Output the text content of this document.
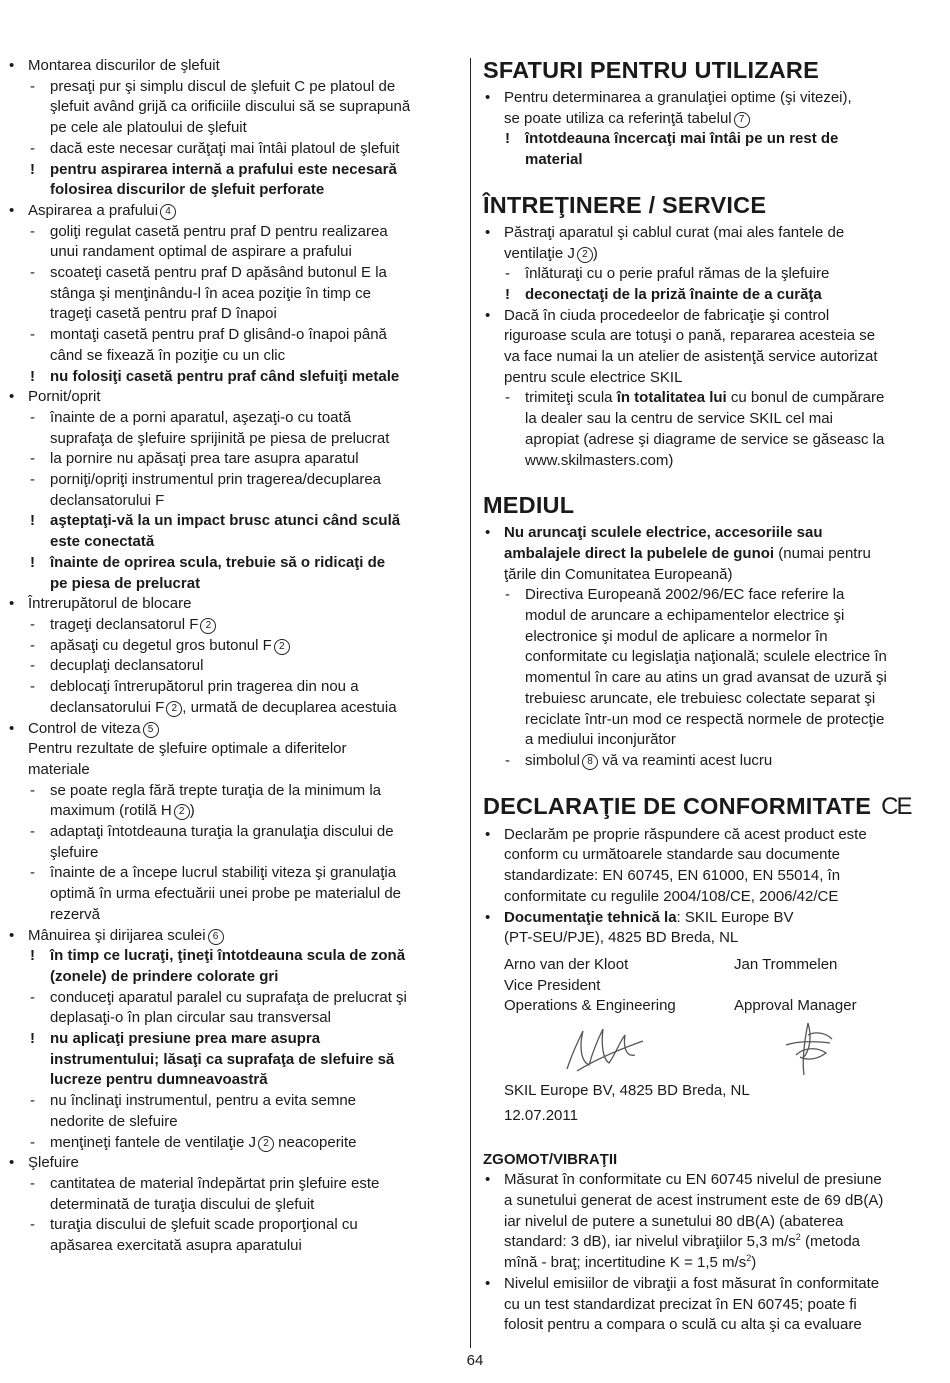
• Montarea discurilor de şlefuit
- presaţi pur şi simplu discul de şlefuit C pe platoul de
şlefuit având grijă ca orificiile discului să se suprapună
pe cele ale platoului de şlefuit
- dacă este necesar curăţaţi mai întâi platoul de şlefuit
! pentru aspirarea internă a prafului este necesară
folosirea discurilor de şlefuit perforate
• Aspirarea a prafului 4
- goliţi regulat casetă pentru praf D pentru realizarea
unui randament optimal de aspirare a prafului
- scoateţi casetă pentru praf D apăsând butonul E la
stânga şi menţinându-l în acea poziţie în timp ce
trageţi casetă pentru praf D înapoi
- montaţi casetă pentru praf D glisând-o înapoi până
când se fixează în poziţie cu un clic
! nu folosiţi casetă pentru praf când slefuiţi metale
• Pornit/oprit
- înainte de a porni aparatul, aşezaţi-o cu toată
suprafaţa de şlefuire sprijinită pe piesa de prelucrat
- la pornire nu apăsaţi prea tare asupra aparatul
- porniţi/opriţi instrumentul prin tragerea/decuplarea
declansatorului F
! aşteptaţi-vă la un impact brusc atunci când sculă
este conectată
! înainte de oprirea scula, trebuie să o ridicaţi de
pe piesa de prelucrat
• Întrerupătorul de blocare
- trageţi declansatorul F 2
- apăsaţi cu degetul gros butonul F 2
- decuplaţi declansatorul
- deblocaţi întrerupătorul prin tragerea din nou a
declansatorului F 2 , urmată de decuplarea acestuia
• Control de viteza 5
Pentru rezultate de şlefuire optimale a diferitelor
materiale
- se poate regla fără trepte turaţia de la minimum la
maximum (rotilă H 2 )
- adaptaţi întotdeauna turaţia la granulaţia discului de
şlefuire
- înainte de a începe lucrul stabiliţi viteza şi granulaţia
optimă în urma efectuării unei probe pe materialul de
rezervă
• Mânuirea şi dirijarea sculei 6
! în timp ce lucraţi, ţineţi întotdeauna scula de zonă
(zonele) de prindere colorate gri
- conduceţi aparatul paralel cu suprafaţa de prelucrat şi
deplasaţi-o în plan circular sau transversal
! nu aplicaţi presiune prea mare asupra
instrumentului; lăsaţi ca suprafaţa de slefuire să
lucreze pentru dumneavoastră
- nu înclinaţi instrumentul, pentru a evita semne
nedorite de slefuire
- menţineţi fantele de ventilaţie J 2 neacoperite
• Şlefuire
- cantitatea de material îndepărtat prin şlefuire este
determinată de turaţia discului de şlefuit
- turaţia discului de şlefuit scade proporţional cu
apăsarea exercitată asupra aparatului
SFATURI PENTRU UTILIZARE
• Pentru determinarea a granulaţiei optime (şi vitezei),
se poate utiliza ca referinţă tabelul 7
! întotdeauna încercaţi mai întâi pe un rest de
material
ÎNTREŢINERE / SERVICE
• Păstraţi aparatul şi cablul curat (mai ales fantele de
ventilaţie J 2 )
- înlăturaţi cu o perie praful rămas de la şlefuire
! deconectaţi de la priză înainte de a curăţa
• Dacă în ciuda procedeelor de fabricaţie şi control
riguroase scula are totuşi o pană, repararea acesteia se
va face numai la un atelier de asistenţă service autorizat
pentru scule electrice SKIL
- trimiteţi scula în totalitatea lui cu bonul de cumpărare
la dealer sau la centru de service SKIL cel mai
apropiat (adrese şi diagrame de service se găseasc la
www.skilmasters.com)
MEDIUL
• Nu aruncaţi sculele electrice, accesoriile sau
ambalajele direct la pubelele de gunoi (numai pentru
ţările din Comunitatea Europeană)
- Directiva Europeană 2002/96/EC face referire la
modul de aruncare a echipamentelor electrice şi
electronice şi modul de aplicare a normelor în
conformitate cu legislaţia naţională; sculele electrice în
momentul în care au atins un grad avansat de uzură şi
trebuiesc aruncate, ele trebuiesc colectate separat şi
reciclate într-un mod ce respectă normele de protecţie
a mediului inconjurător
- simbolul 8 vă va reaminti acest lucru
DECLARAŢIE DE CONFORMITATE CE
• Declarăm pe proprie răspundere că acest product este
conform cu următoarele standarde sau documente
standardizate: EN 60745, EN 61000, EN 55014, în
conformitate cu regulile 2004/108/CE, 2006/42/CE
• Documentaţie tehnică la: SKIL Europe BV
(PT-SEU/PJE), 4825 BD Breda, NL
Arno van der Kloot	Jan Trommelen
Vice President
Operations & Engineering	Approval Manager
SKIL Europe BV, 4825 BD Breda, NL
12.07.2011
ZGOMOT/VIBRAŢII
• Măsurat în conformitate cu EN 60745 nivelul de presiune
a sunetului generat de acest instrument este de 69 dB(A)
iar nivelul de putere a sunetului 80 dB(A) (abaterea
standard: 3 dB), iar nivelul vibraţiilor 5,3 $m/s^2$ (metoda
mînă - braţ; incertitudine K = 1,5 $m/s^2$)
• Nivelul emisiilor de vibraţii a fost măsurat în conformitate
cu un test standardizat precizat în EN 60745; poate fi
folosit pentru a compara o sculă cu alta şi ca evaluare
64
